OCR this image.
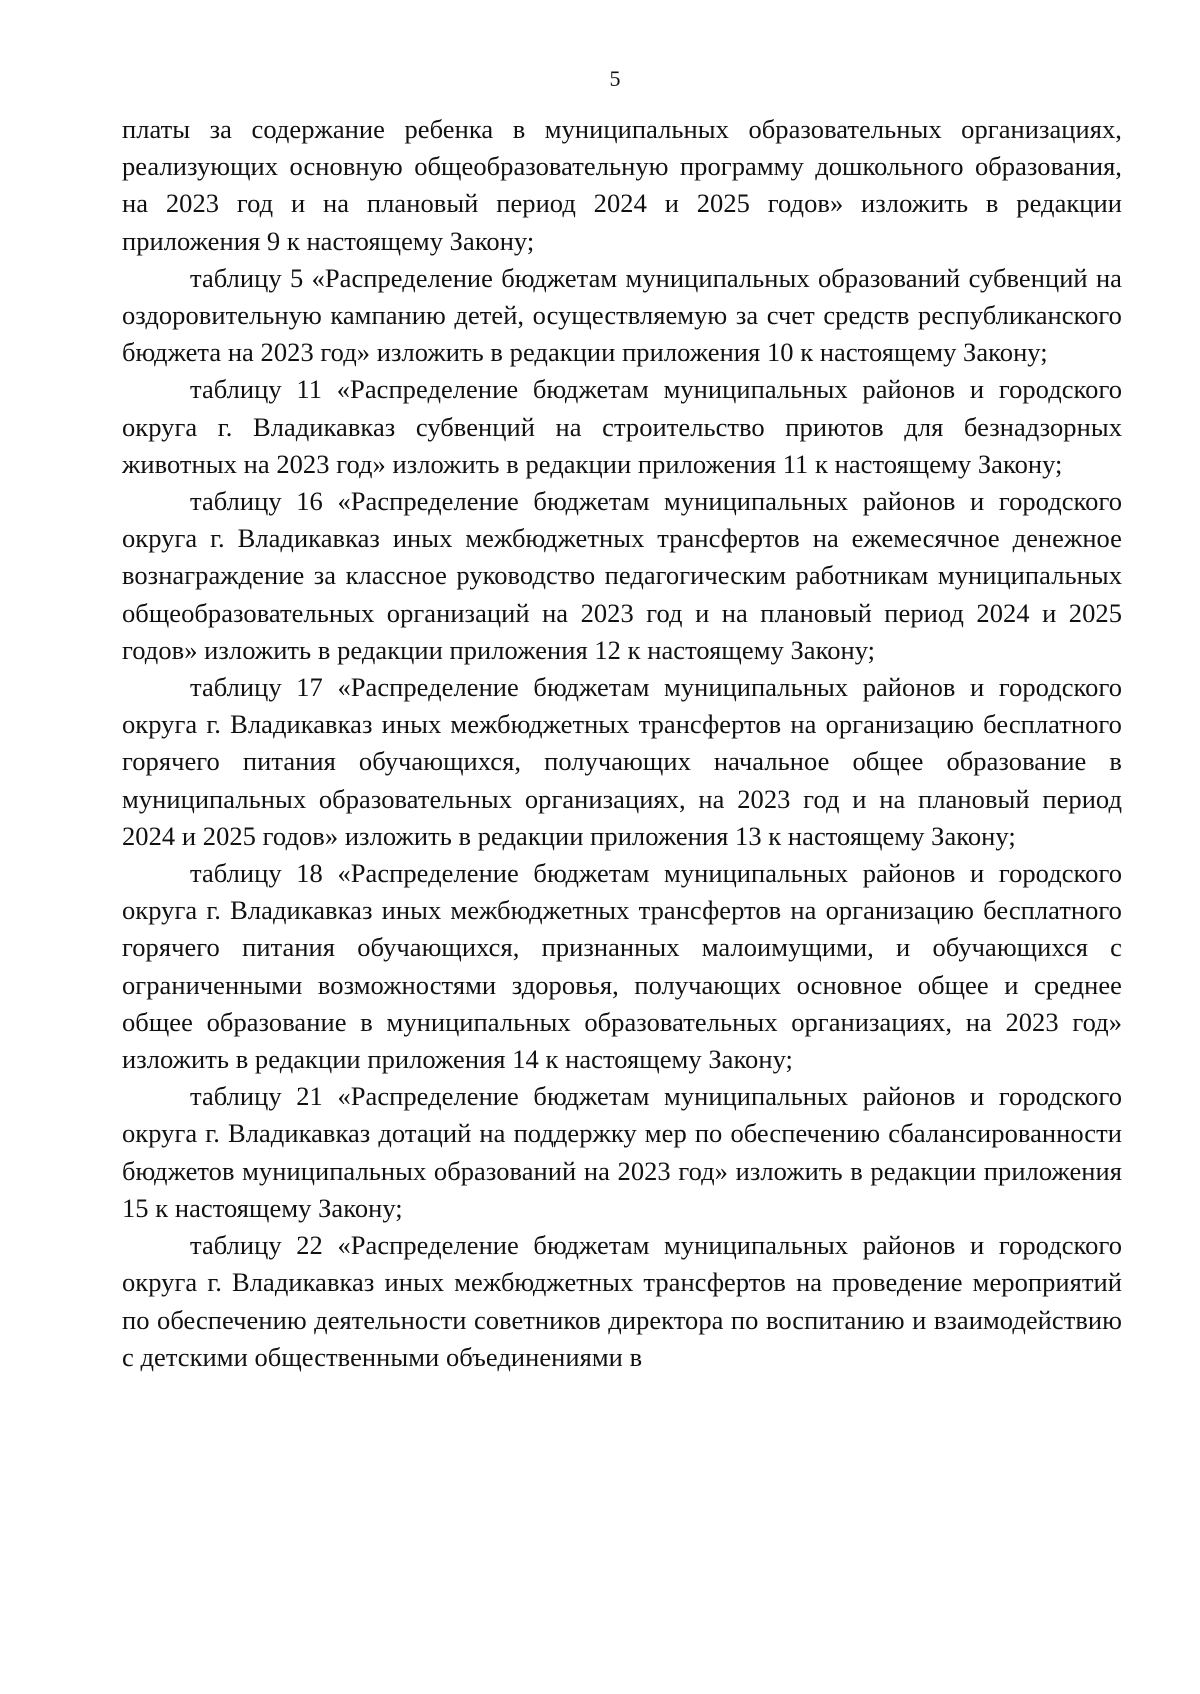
5

платы за содержание ребенка в муниципальных образовательных организациях, реализующих основную общеобразовательную программу дошкольного образования, на 2023 год и на плановый период 2024 и 2025 годов» изложить в редакции приложения 9 к настоящему Закону;

таблицу 5 «Распределение бюджетам муниципальных образований субвенций на оздоровительную кампанию детей, осуществляемую за счет средств республиканского бюджета на 2023 год» изложить в редакции приложения 10 к настоящему Закону;

таблицу 11 «Распределение бюджетам муниципальных районов и городского округа г. Владикавказ субвенций на строительство приютов для безнадзорных животных на 2023 год» изложить в редакции приложения 11 к настоящему Закону;

таблицу 16 «Распределение бюджетам муниципальных районов и городского округа г. Владикавказ иных межбюджетных трансфертов на ежемесячное денежное вознаграждение за классное руководство педагогическим работникам муниципальных общеобразовательных организаций на 2023 год и на плановый период 2024 и 2025 годов» изложить в редакции приложения 12 к настоящему Закону;

таблицу 17 «Распределение бюджетам муниципальных районов и городского округа г. Владикавказ иных межбюджетных трансфертов на организацию бесплатного горячего питания обучающихся, получающих начальное общее образование в муниципальных образовательных организациях, на 2023 год и на плановый период 2024 и 2025 годов» изложить в редакции приложения 13 к настоящему Закону;

таблицу 18 «Распределение бюджетам муниципальных районов и городского округа г. Владикавказ иных межбюджетных трансфертов на организацию бесплатного горячего питания обучающихся, признанных малоимущими, и обучающихся с ограниченными возможностями здоровья, получающих основное общее и среднее общее образование в муниципальных образовательных организациях, на 2023 год» изложить в редакции приложения 14 к настоящему Закону;

таблицу 21 «Распределение бюджетам муниципальных районов и городского округа г. Владикавказ дотаций на поддержку мер по обеспечению сбалансированности бюджетов муниципальных образований на 2023 год» изложить в редакции приложения 15 к настоящему Закону;

таблицу 22 «Распределение бюджетам муниципальных районов и городского округа г. Владикавказ иных межбюджетных трансфертов на проведение мероприятий по обеспечению деятельности советников директора по воспитанию и взаимодействию с детскими общественными объединениями в
